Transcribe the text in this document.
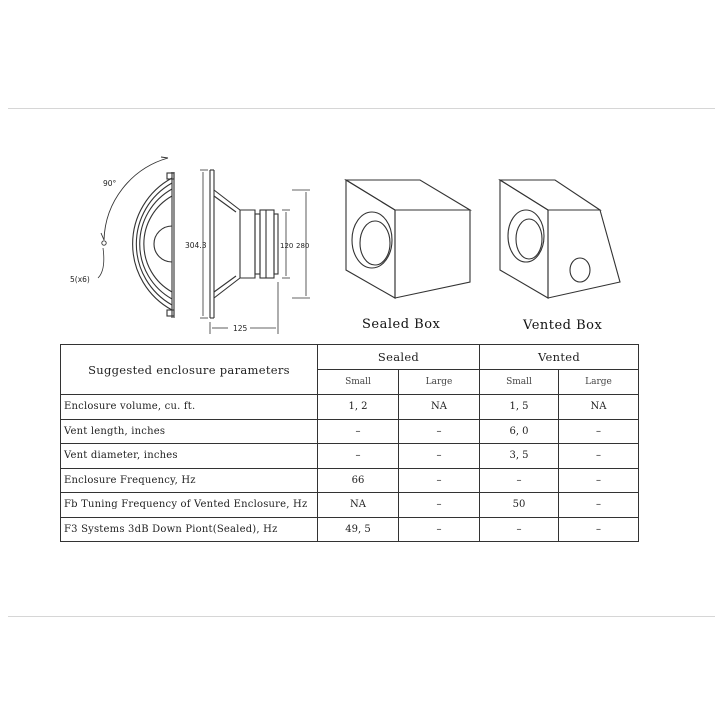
90°
5(x6)
304.3	120 280
125	Sealed Box	Vented Box
Suggested enclosure parameters	Sealed		Vented	
	Small	Large	Small	Large
Enclosure volume, cu. ft.	1, 2	NA	1, 5	NA
Vent length, inches	–	–	6, 0	–
Vent diameter, inches	–	–	3, 5	–
Enclosure Frequency, Hz	66	–	–	–
Fb Tuning Frequency of Vented Enclosure, Hz	NA	–	50	–
F3 Systems 3dB Down Piont(Sealed), Hz	49, 5	–	–	–
